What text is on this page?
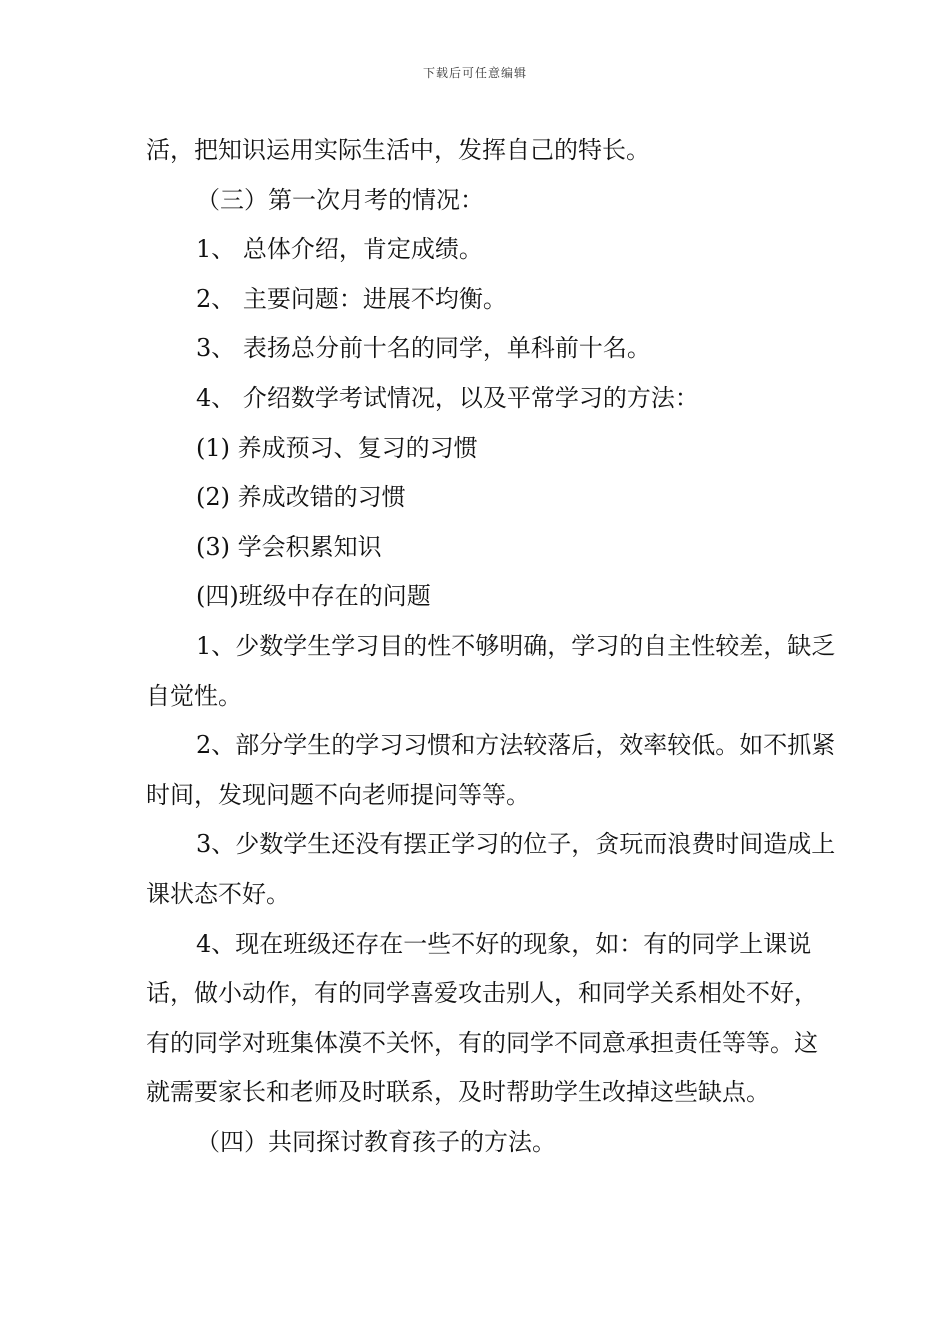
下载后可任意编辑

活，把知识运用实际生活中，发挥自己的特长。

（三）第一次月考的情况：

1、 总体介绍，肯定成绩。

2、 主要问题：进展不均衡。

3、 表扬总分前十名的同学，单科前十名。

4、 介绍数学考试情况，以及平常学习的方法：

(1) 养成预习、复习的习惯

(2) 养成改错的习惯

(3) 学会积累知识

(四)班级中存在的问题

1、少数学生学习目的性不够明确，学习的自主性较差，缺乏自觉性。

2、部分学生的学习习惯和方法较落后，效率较低。如不抓紧时间，发现问题不向老师提问等等。

3、少数学生还没有摆正学习的位子，贪玩而浪费时间造成上课状态不好。

4、现在班级还存在一些不好的现象，如：有的同学上课说话，做小动作，有的同学喜爱攻击别人，和同学关系相处不好，有的同学对班集体漠不关怀，有的同学不同意承担责任等等。这就需要家长和老师及时联系，及时帮助学生改掉这些缺点。

（四）共同探讨教育孩子的方法。
